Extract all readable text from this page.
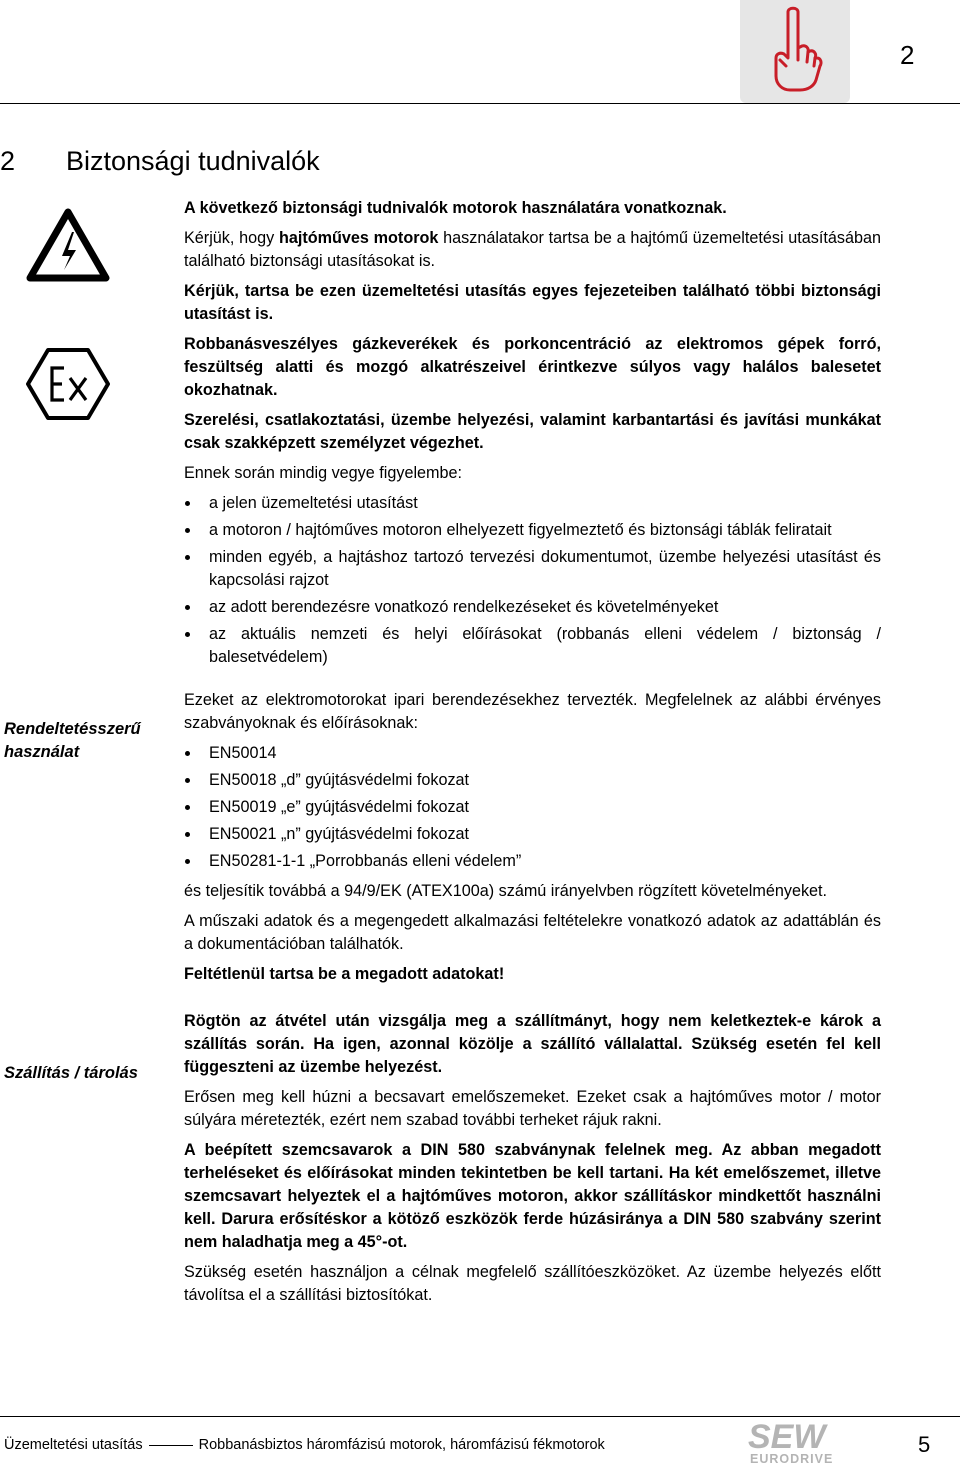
2
2 Biztonsági tudnivalók
Rendeltetésszerű használat
Szállítás / tárolás

A következő biztonsági tudnivalók motorok használatára vonatkoznak.

Kérjük, hogy hajtóműves motorok használatakor tartsa be a hajtómű üzemeltetési utasításában található biztonsági utasításokat is.

Kérjük, tartsa be ezen üzemeltetési utasítás egyes fejezeteiben található többi biztonsági utasítást is.

Robbanásveszélyes gázkeverékek és porkoncentráció az elektromos gépek forró, feszültség alatti és mozgó alkatrészeivel érintkezve súlyos vagy halálos balesetet okozhatnak.

Szerelési, csatlakoztatási, üzembe helyezési, valamint karbantartási és javítási munkákat csak szakképzett személyzet végezhet.

Ennek során mindig vegye figyelembe:

a jelen üzemeltetési utasítást
a motoron / hajtóműves motoron elhelyezett figyelmeztető és biztonsági táblák feliratait
minden egyéb, a hajtáshoz tartozó tervezési dokumentumot, üzembe helyezési utasítást és kapcsolási rajzot
az adott berendezésre vonatkozó rendelkezéseket és követelményeket
az aktuális nemzeti és helyi előírásokat (robbanás elleni védelem / biztonság / balesetvédelem)

Ezeket az elektromotorokat ipari berendezésekhez tervezték. Megfelelnek az alábbi érvényes szabványoknak és előírásoknak:

EN50014
EN50018 „d” gyújtásvédelmi fokozat
EN50019 „e” gyújtásvédelmi fokozat
EN50021 „n” gyújtásvédelmi fokozat
EN50281-1-1 „Porrobbanás elleni védelem”

és teljesítik továbbá a 94/9/EK (ATEX100a) számú irányelvben rögzített követelményeket.

A műszaki adatok és a megengedett alkalmazási feltételekre vonatkozó adatok az adattáblán és a dokumentációban találhatók.

Feltétlenül tartsa be a megadott adatokat!

Rögtön az átvétel után vizsgálja meg a szállítmányt, hogy nem keletkeztek-e károk a szállítás során. Ha igen, azonnal közölje a szállító vállalattal. Szükség esetén fel kell függeszteni az üzembe helyezést.

Erősen meg kell húzni a becsavart emelőszemeket. Ezeket csak a hajtóműves motor / motor súlyára méretezték, ezért nem szabad további terheket rájuk rakni.

A beépített szemcsavarok a DIN 580 szabványnak felelnek meg. Az abban megadott terheléseket és előírásokat minden tekintetben be kell tartani. Ha két emelőszemet, illetve szemcsavart helyeztek el a hajtóműves motoron, akkor szállításkor mindkettőt használni kell. Darura erősítéskor a kötöző eszközök ferde húzásiránya a DIN 580 szabvány szerint nem haladhatja meg a 45°-ot.

Szükség esetén használjon a célnak megfelelő szállítóeszközöket. Az üzembe helyezés előtt távolítsa el a szállítási biztosítókat.

SEW
EURODRIVE
Üzemeltetési utasítás	Robbanásbiztos háromfázisú motorok, háromfázisú fékmotorok	5
